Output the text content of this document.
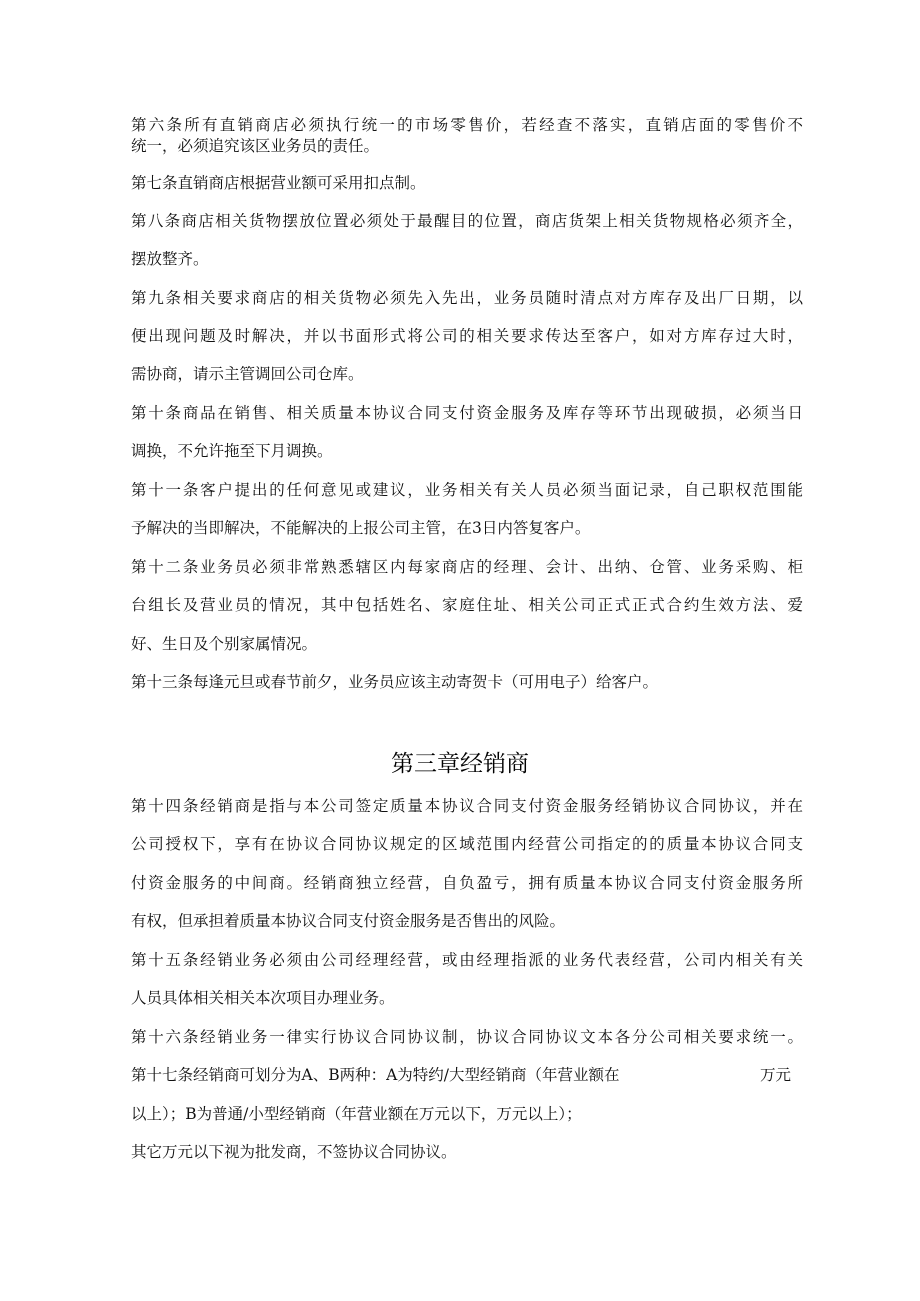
第六条所有直销商店必须执行统一的市场零售价，若经查不落实，直销店面的零售价不
统一，必须追究该区业务员的责任。
第七条直销商店根据营业额可采用扣点制。
第八条商店相关货物摆放位置必须处于最醒目的位置，商店货架上相关货物规格必须齐全，
摆放整齐。
第九条相关要求商店的相关货物必须先入先出，业务员随时清点对方库存及出厂日期，以
便出现问题及时解决，并以书面形式将公司的相关要求传达至客户，如对方库存过大时，
需协商，请示主管调回公司仓库。
第十条商品在销售、相关质量本协议合同支付资金服务及库存等环节出现破损，必须当日
调换，不允许拖至下月调换。
第十一条客户提出的任何意见或建议，业务相关有关人员必须当面记录，自己职权范围能
予解决的当即解决，不能解决的上报公司主管，在3日内答复客户。
第十二条业务员必须非常熟悉辖区内每家商店的经理、会计、出纳、仓管、业务采购、柜
台组长及营业员的情况，其中包括姓名、家庭住址、相关公司正式正式合约生效方法、爱
好、生日及个别家属情况。
第十三条每逢元旦或春节前夕，业务员应该主动寄贺卡（可用电子）给客户。
第三章经销商
第十四条经销商是指与本公司签定质量本协议合同支付资金服务经销协议合同协议，并在
公司授权下，享有在协议合同协议规定的区域范围内经营公司指定的的质量本协议合同支
付资金服务的中间商。经销商独立经营，自负盈亏，拥有质量本协议合同支付资金服务所
有权，但承担着质量本协议合同支付资金服务是否售出的风险。
第十五条经销业务必须由公司经理经营，或由经理指派的业务代表经营，公司内相关有关
人员具体相关相关本次项目办理业务。
第十六条经销业务一律实行协议合同协议制，协议合同协议文本各分公司相关要求统一。
第十七条经销商可划分为A、B两种：A为特约/大型经销商（年营业额在	万元
以上）；B为普通/小型经销商（年营业额在万元以下，万元以上）；
其它万元以下视为批发商，不签协议合同协议。
